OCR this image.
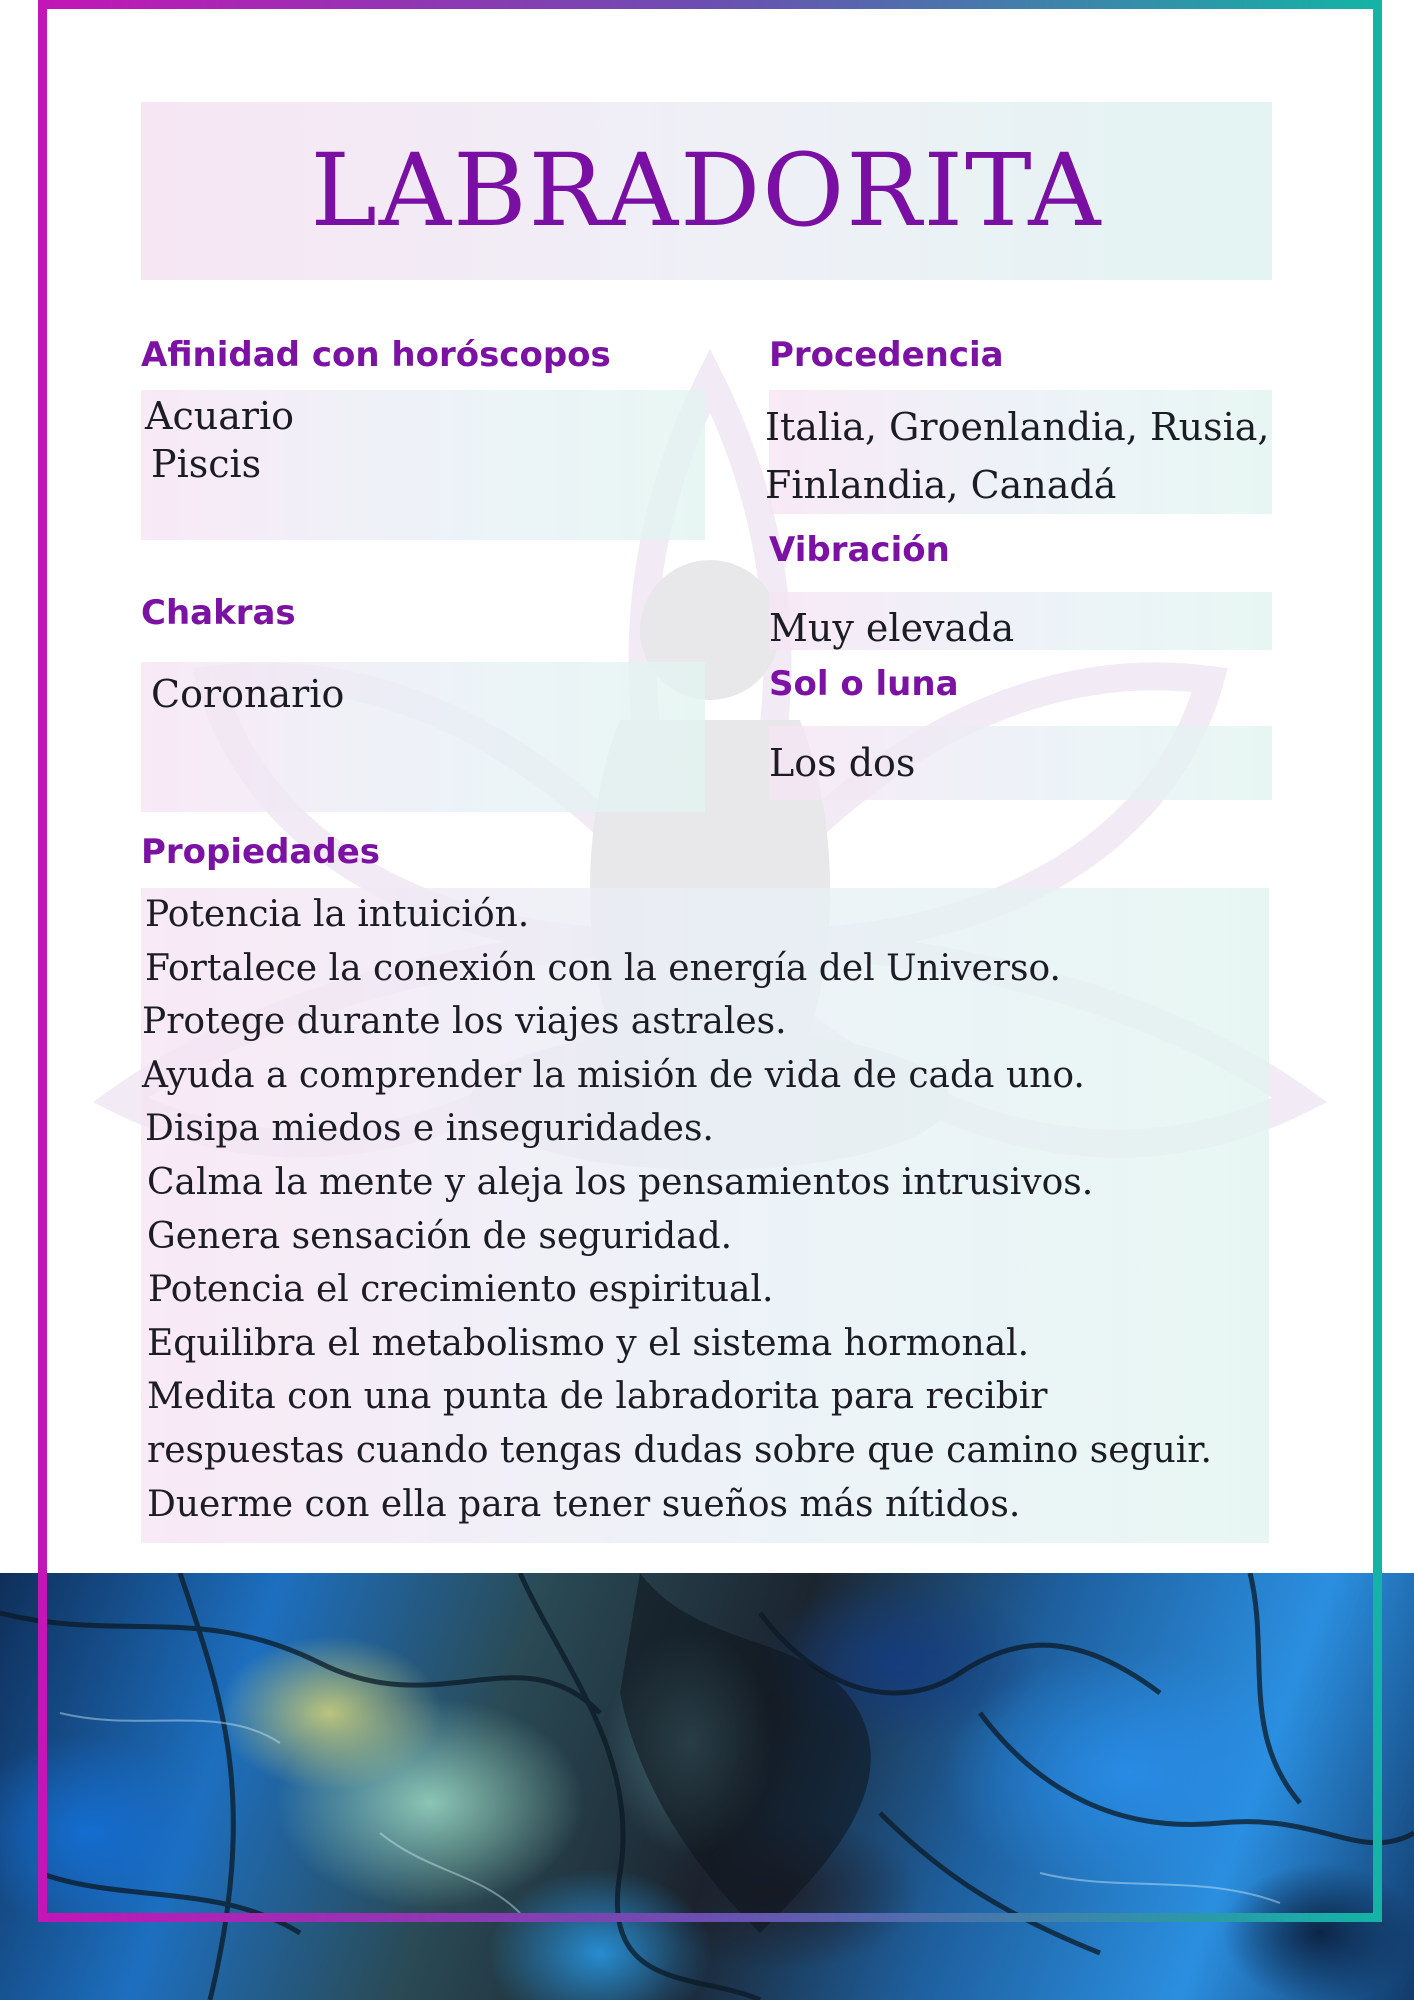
LABRADORITA
Afinidad con horóscopos
Acuario
Piscis
Procedencia
Italia, Groenlandia, Rusia,
Finlandia, Canadá
Vibración
Muy elevada
Chakras
Coronario	Sol o luna
Los dos
Propiedades
Potencia la intuición.
Fortalece la conexión con la energía del Universo.
Protege durante los viajes astrales.
Ayuda a comprender la misión de vida de cada uno.
Disipa miedos e inseguridades.
Calma la mente y aleja los pensamientos intrusivos.
Genera sensación de seguridad.
Potencia el crecimiento espiritual.
Equilibra el metabolismo y el sistema hormonal.
Medita con una punta de labradorita para recibir
respuestas cuando tengas dudas sobre que camino seguir.
Duerme con ella para tener sueños más nítidos.
